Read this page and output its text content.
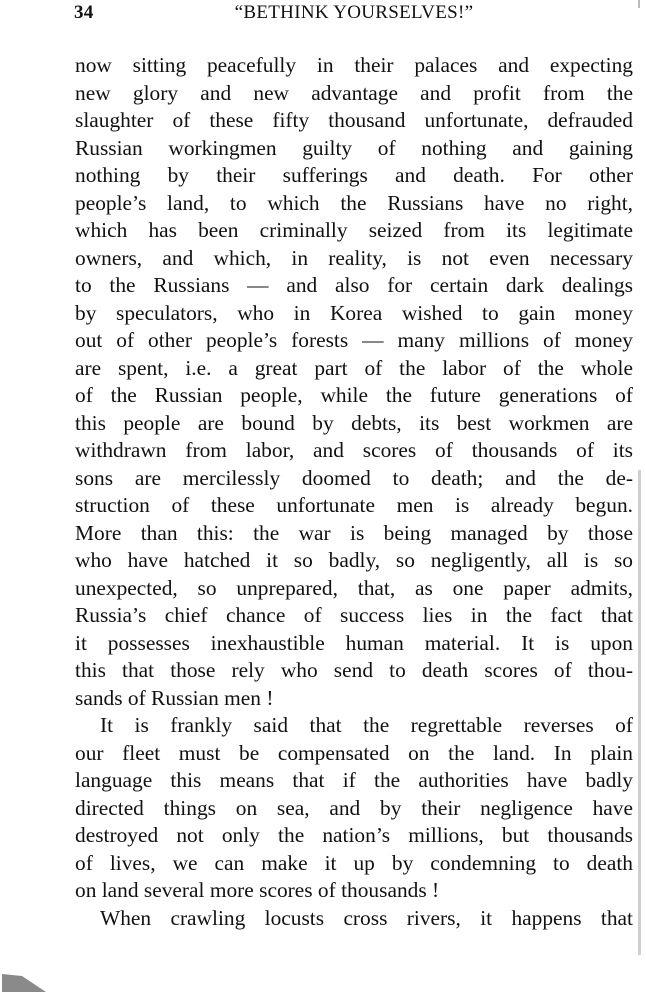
34	“BETHINK YOURSELVES!”
now sitting peacefully in their palaces and expecting
new glory and new advantage and profit from the
slaughter of these fifty thousand unfortunate, defrauded
Russian workingmen guilty of nothing and gaining
nothing by their sufferings and death. For other
people’s land, to which the Russians have no right,
which has been criminally seized from its legitimate
owners, and which, in reality, is not even necessary
to the Russians — and also for certain dark dealings
by speculators, who in Korea wished to gain money
out of other people’s forests — many millions of money
are spent, i.e. a great part of the labor of the whole
of the Russian people, while the future generations of
this people are bound by debts, its best workmen are
withdrawn from labor, and scores of thousands of its
sons are mercilessly doomed to death; and the de-
struction of these unfortunate men is already begun.
More than this: the war is being managed by those
who have hatched it so badly, so negligently, all is so
unexpected, so unprepared, that, as one paper admits,
Russia’s chief chance of success lies in the fact that
it possesses inexhaustible human material. It is upon
this that those rely who send to death scores of thou-
sands of Russian men !
It is frankly said that the regrettable reverses of
our fleet must be compensated on the land. In plain
language this means that if the authorities have badly
directed things on sea, and by their negligence have
destroyed not only the nation’s millions, but thousands
of lives, we can make it up by condemning to death
on land several more scores of thousands !
When crawling locusts cross rivers, it happens that
